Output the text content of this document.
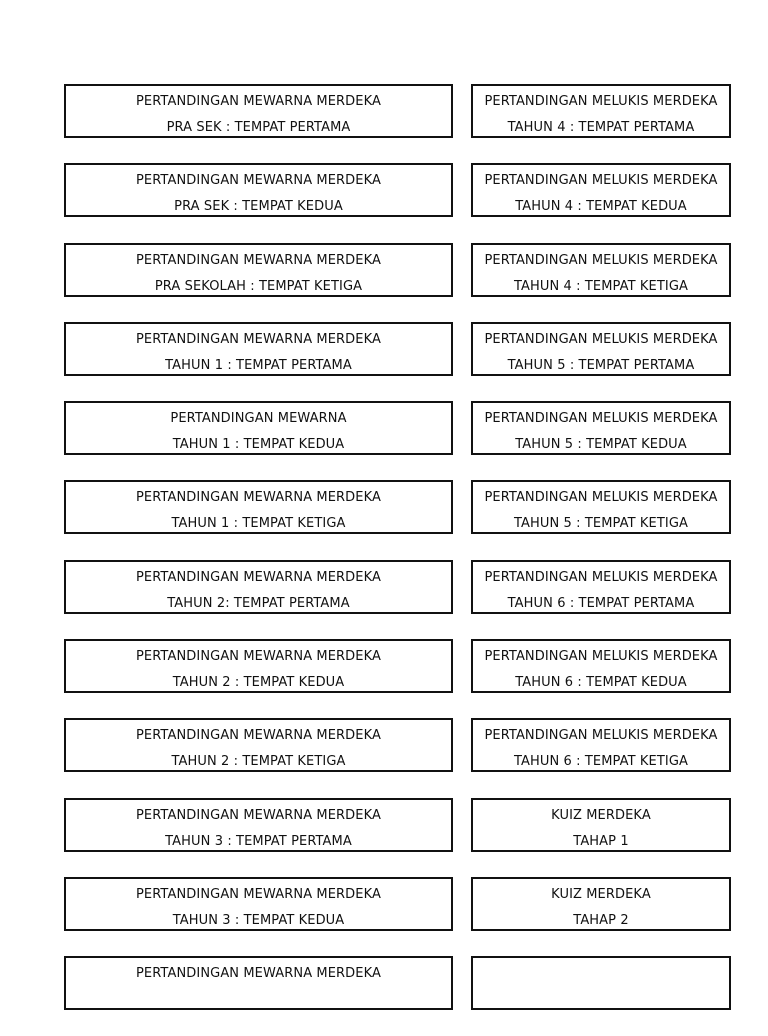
PERTANDINGAN MEWARNA MERDEKA
PRA SEK : TEMPAT PERTAMA
PERTANDINGAN MEWARNA MERDEKA
PRA SEK : TEMPAT KEDUA
PERTANDINGAN MEWARNA MERDEKA
PRA SEKOLAH : TEMPAT KETIGA
PERTANDINGAN MEWARNA MERDEKA
TAHUN 1 : TEMPAT PERTAMA
PERTANDINGAN MEWARNA
TAHUN 1 : TEMPAT KEDUA
PERTANDINGAN MEWARNA MERDEKA
TAHUN 1 : TEMPAT KETIGA
PERTANDINGAN MEWARNA MERDEKA
TAHUN 2: TEMPAT PERTAMA
PERTANDINGAN MEWARNA MERDEKA
TAHUN 2 : TEMPAT KEDUA
PERTANDINGAN MEWARNA MERDEKA
TAHUN 2 : TEMPAT KETIGA
PERTANDINGAN MEWARNA MERDEKA
TAHUN 3 : TEMPAT PERTAMA
PERTANDINGAN MEWARNA MERDEKA
TAHUN 3 : TEMPAT KEDUA
PERTANDINGAN MEWARNA MERDEKA
PERTANDINGAN MELUKIS MERDEKA
TAHUN 4 : TEMPAT PERTAMA
PERTANDINGAN MELUKIS MERDEKA
TAHUN 4 : TEMPAT KEDUA
PERTANDINGAN MELUKIS MERDEKA
TAHUN 4 : TEMPAT KETIGA
PERTANDINGAN MELUKIS MERDEKA
TAHUN 5 : TEMPAT PERTAMA
PERTANDINGAN MELUKIS MERDEKA
TAHUN 5 : TEMPAT KEDUA
PERTANDINGAN MELUKIS MERDEKA
TAHUN 5 : TEMPAT KETIGA
PERTANDINGAN MELUKIS MERDEKA
TAHUN 6 : TEMPAT PERTAMA
PERTANDINGAN MELUKIS MERDEKA
TAHUN 6 : TEMPAT KEDUA
PERTANDINGAN MELUKIS MERDEKA
TAHUN 6 : TEMPAT KETIGA
KUIZ MERDEKA
TAHAP 1
KUIZ MERDEKA
TAHAP 2
